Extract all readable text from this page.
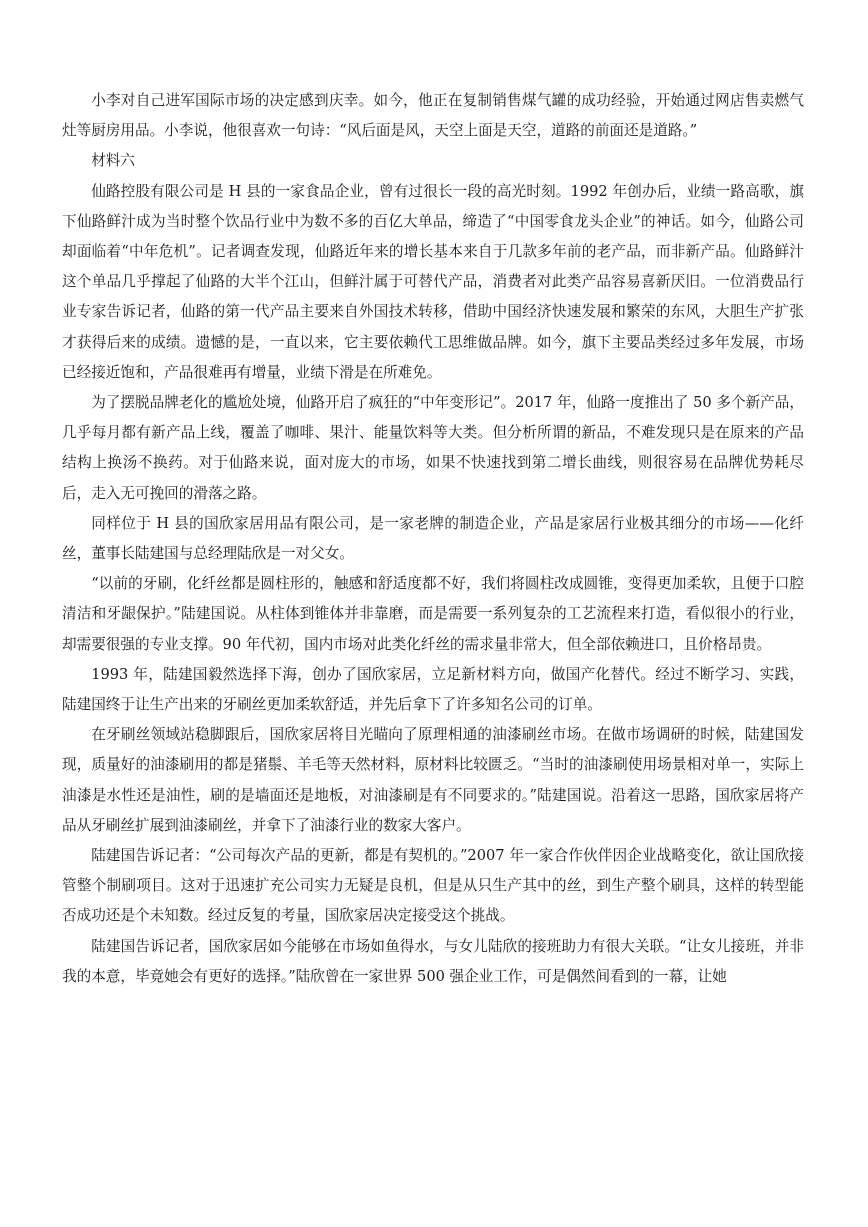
小李对自己进军国际市场的决定感到庆幸。如今，他正在复制销售煤气罐的成功经验，开始通过网店售卖燃气灶等厨房用品。小李说，他很喜欢一句诗：“风后面是风，天空上面是天空，道路的前面还是道路。”

材料六

仙路控股有限公司是 H 县的一家食品企业，曾有过很长一段的高光时刻。1992 年创办后，业绩一路高歌，旗下仙路鲜汁成为当时整个饮品行业中为数不多的百亿大单品，缔造了“中国零食龙头企业”的神话。如今，仙路公司却面临着“中年危机”。记者调查发现，仙路近年来的增长基本来自于几款多年前的老产品，而非新产品。仙路鲜汁这个单品几乎撑起了仙路的大半个江山，但鲜汁属于可替代产品，消费者对此类产品容易喜新厌旧。一位消费品行业专家告诉记者，仙路的第一代产品主要来自外国技术转移，借助中国经济快速发展和繁荣的东风，大胆生产扩张才获得后来的成绩。遗憾的是，一直以来，它主要依赖代工思维做品牌。如今，旗下主要品类经过多年发展，市场已经接近饱和，产品很难再有增量，业绩下滑是在所难免。

为了摆脱品牌老化的尴尬处境，仙路开启了疯狂的“中年变形记”。2017 年，仙路一度推出了 50 多个新产品，几乎每月都有新产品上线，覆盖了咖啡、果汁、能量饮料等大类。但分析所谓的新品，不难发现只是在原来的产品结构上换汤不换药。对于仙路来说，面对庞大的市场，如果不快速找到第二增长曲线，则很容易在品牌优势耗尽后，走入无可挽回的滑落之路。

同样位于 H 县的国欣家居用品有限公司，是一家老牌的制造企业，产品是家居行业极其细分的市场——化纤丝，董事长陆建国与总经理陆欣是一对父女。

“以前的牙刷，化纤丝都是圆柱形的，触感和舒适度都不好，我们将圆柱改成圆锥，变得更加柔软，且便于口腔清洁和牙龈保护。”陆建国说。从柱体到锥体并非靠磨，而是需要一系列复杂的工艺流程来打造，看似很小的行业，却需要很强的专业支撑。90 年代初，国内市场对此类化纤丝的需求量非常大，但全部依赖进口，且价格昂贵。

1993 年，陆建国毅然选择下海，创办了国欣家居，立足新材料方向，做国产化替代。经过不断学习、实践，陆建国终于让生产出来的牙刷丝更加柔软舒适，并先后拿下了许多知名公司的订单。

在牙刷丝领域站稳脚跟后，国欣家居将目光瞄向了原理相通的油漆刷丝市场。在做市场调研的时候，陆建国发现，质量好的油漆刷用的都是猪鬃、羊毛等天然材料，原材料比较匮乏。“当时的油漆刷使用场景相对单一，实际上油漆是水性还是油性，刷的是墙面还是地板，对油漆刷是有不同要求的。”陆建国说。沿着这一思路，国欣家居将产品从牙刷丝扩展到油漆刷丝，并拿下了油漆行业的数家大客户。

陆建国告诉记者：“公司每次产品的更新，都是有契机的。”2007 年一家合作伙伴因企业战略变化，欲让国欣接管整个制刷项目。这对于迅速扩充公司实力无疑是良机，但是从只生产其中的丝，到生产整个刷具，这样的转型能否成功还是个未知数。经过反复的考量，国欣家居决定接受这个挑战。

陆建国告诉记者，国欣家居如今能够在市场如鱼得水，与女儿陆欣的接班助力有很大关联。“让女儿接班，并非我的本意，毕竟她会有更好的选择。”陆欣曾在一家世界 500 强企业工作，可是偶然间看到的一幕，让她
